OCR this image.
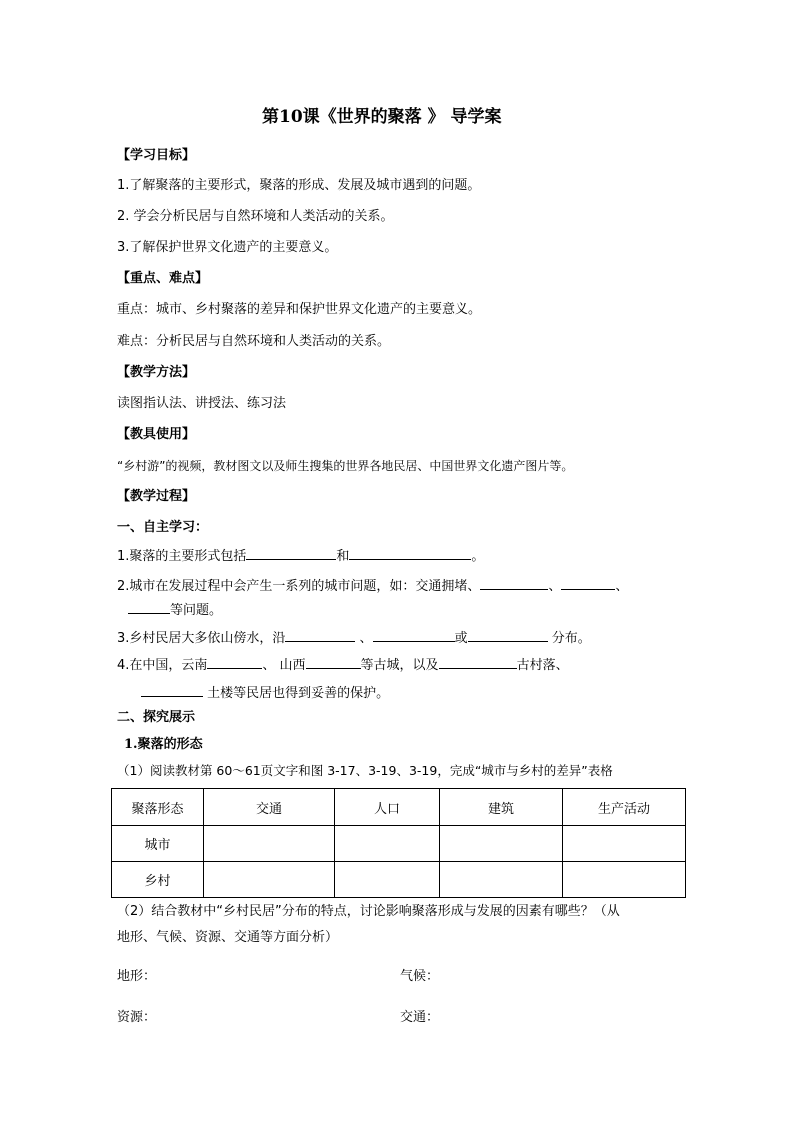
第10课《世界的聚落 》 导学案
【学习目标】
1.了解聚落的主要形式，聚落的形成、发展及城市遇到的问题。
2. 学会分析民居与自然环境和人类活动的关系。
3.了解保护世界文化遗产的主要意义。
【重点、难点】
重点：城市、乡村聚落的差异和保护世界文化遗产的主要意义。
难点：分析民居与自然环境和人类活动的关系。
【教学方法】
读图指认法、讲授法、练习法
【教具使用】
“乡村游”的视频，教材图文以及师生搜集的世界各地民居、中国世界文化遗产图片等。
【教学过程】
一、自主学习：
1.聚落的主要形式包括	和	。
2.城市在发展过程中会产生一系列的城市问题，如：交通拥堵、	、	、
等问题。
3.乡村民居大多依山傍水，沿	、	或	分布。
4.在中国，云南	、 山西	等古城，以及	古村落、
土楼等民居也得到妥善的保护。
二、探究展示
1.聚落的形态
（1）阅读教材第 60～61页文字和图 3-17、3-19、3-19，完成“城市与乡村的差异”表格
聚落形态	交通	人口	建筑	生产活动
城市				
乡村				
（2）结合教材中“乡村民居”分布的特点，讨论影响聚落形成与发展的因素有哪些？（从
地形、气候、资源、交通等方面分析）
地形：	气候：
资源：	交通：
